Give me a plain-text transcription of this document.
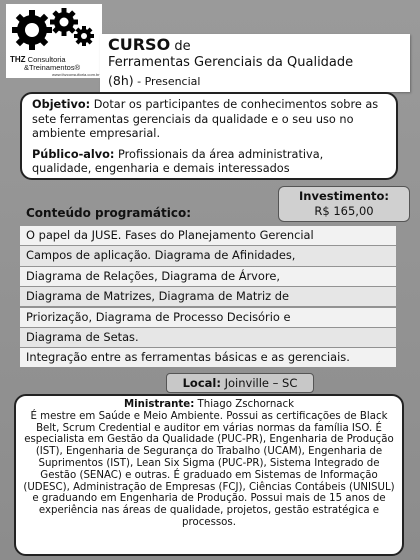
THZ Consultoria
&Treinamentos®
www.thzconsultoria.com.br
CURSO de
Ferramentas Gerenciais da Qualidade
(8h) - Presencial

Objetivo: Dotar os participantes de conhecimentos sobre as sete ferramentas gerenciais da qualidade e o seu uso no ambiente empresarial.

Público-alvo: Profissionais da área administrativa, qualidade, engenharia e demais interessados

Investimento:
R$ 165,00
Conteúdo programático:
O papel da JUSE. Fases do Planejamento Gerencial
Campos de aplicação. Diagrama de Afinidades,
Diagrama de Relações, Diagrama de Árvore,
Diagrama de Matrizes, Diagrama de Matriz de
Priorização, Diagrama de Processo Decisório e
Diagrama de Setas.
Integração entre as ferramentas básicas e as gerenciais.
Local: Joinville – SC
Ministrante: Thiago Zschornack
É mestre em Saúde e Meio Ambiente. Possui as certificações de Black Belt, Scrum Credential e auditor em várias normas da família ISO. É especialista em Gestão da Qualidade (PUC-PR), Engenharia de Produção (IST), Engenharia de Segurança do Trabalho (UCAM), Engenharia de Suprimentos (IST), Lean Six Sigma (PUC-PR), Sistema Integrado de Gestão (SENAC) e outras. É graduado em Sistemas de Informação (UDESC), Administração de Empresas (FCJ), Ciências Contábeis (UNISUL) e graduando em Engenharia de Produção. Possui mais de 15 anos de experiência nas áreas de qualidade, projetos, gestão estratégica e processos.
